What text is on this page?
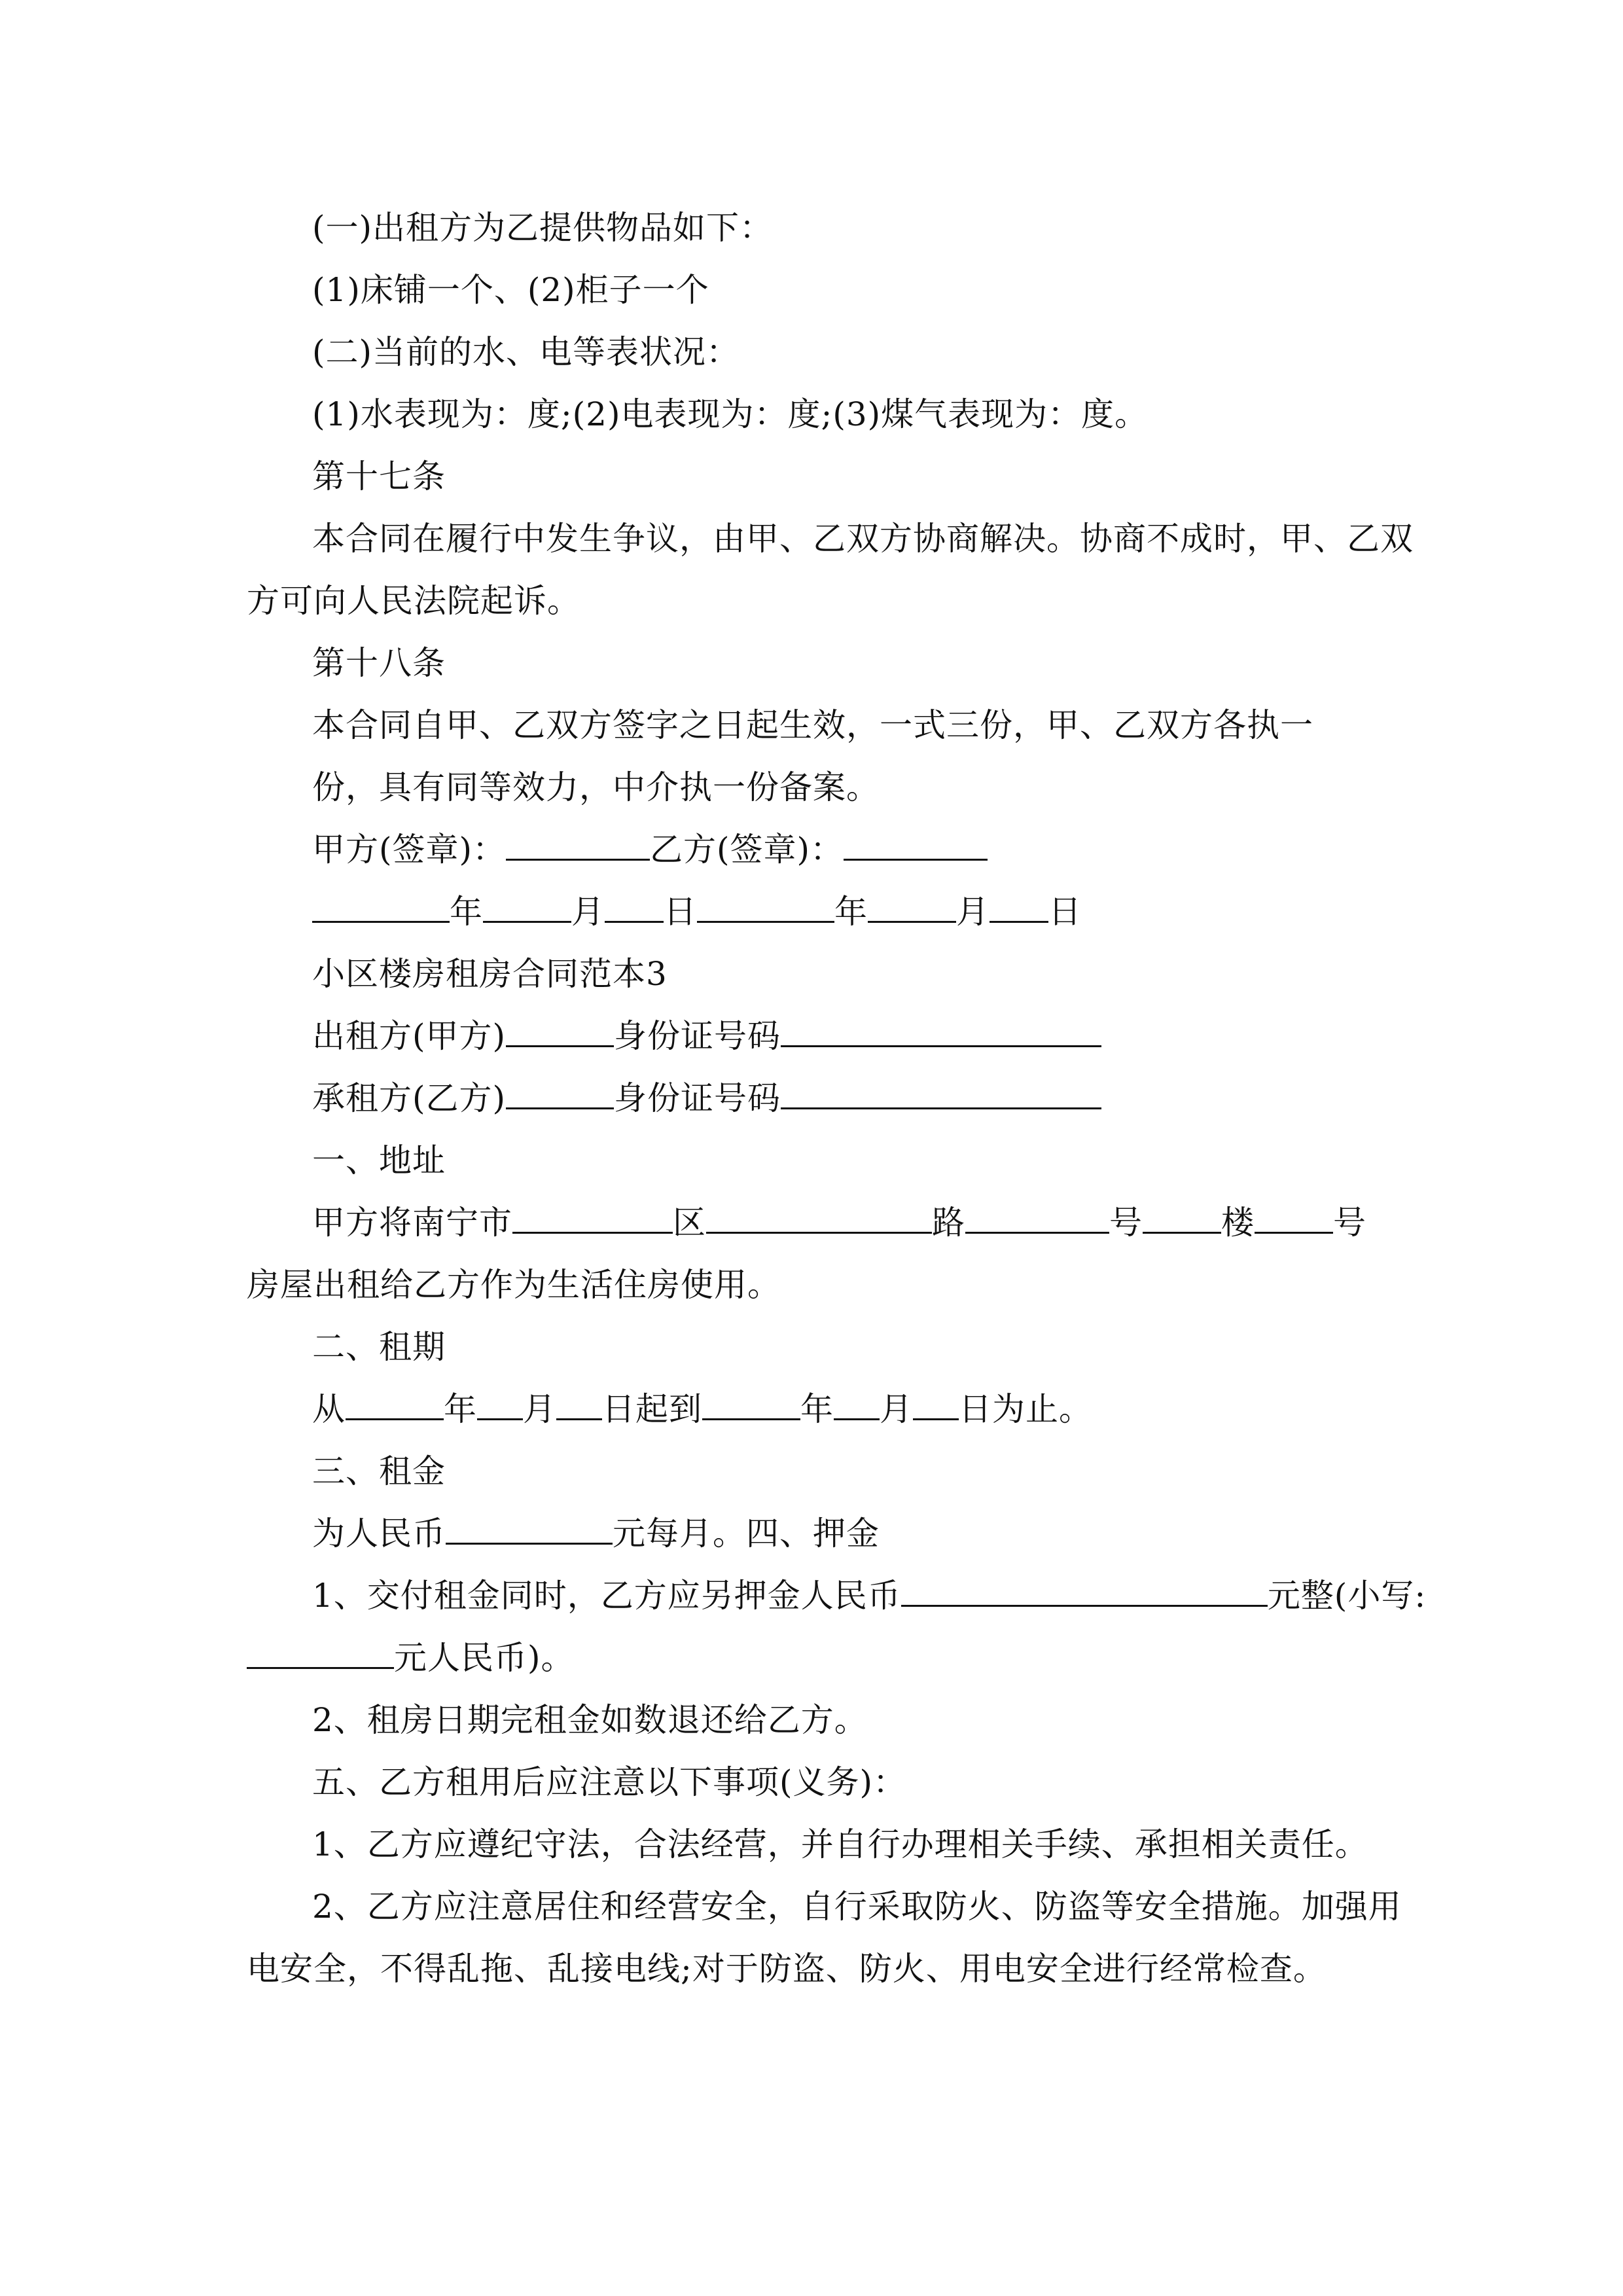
(一)出租方为乙提供物品如下：
(1)床铺一个、(2)柜子一个
(二)当前的水、电等表状况：
(1)水表现为：度;(2)电表现为：度;(3)煤气表现为：度。
第十七条
本合同在履行中发生争议，由甲、乙双方协商解决。协商不成时，甲、乙双
方可向人民法院起诉。
第十八条
本合同自甲、乙双方签字之日起生效，一式三份，甲、乙双方各执一
份，具有同等效力，中介执一份备案。
甲方(签章)：	乙方(签章)：
年	月 日	年	月 日
小区楼房租房合同范本3
出租方(甲方)	身份证号码
承租方(乙方)	身份证号码
一、地址
甲方将南宁市	区	路	号 楼 号
房屋出租给乙方作为生活住房使用。
二、租期
从	年 月 日起到	年 月 日为止。
三、租金
为人民币	元每月。四、押金
1、交付租金同时，乙方应另押金人民币	元整(小写:
元人民币)。
2、租房日期完租金如数退还给乙方。
五、乙方租用后应注意以下事项(义务)：
1、乙方应遵纪守法，合法经营，并自行办理相关手续、承担相关责任。
2、乙方应注意居住和经营安全，自行采取防火、防盗等安全措施。加强用
电安全，不得乱拖、乱接电线;对于防盗、防火、用电安全进行经常检查。
